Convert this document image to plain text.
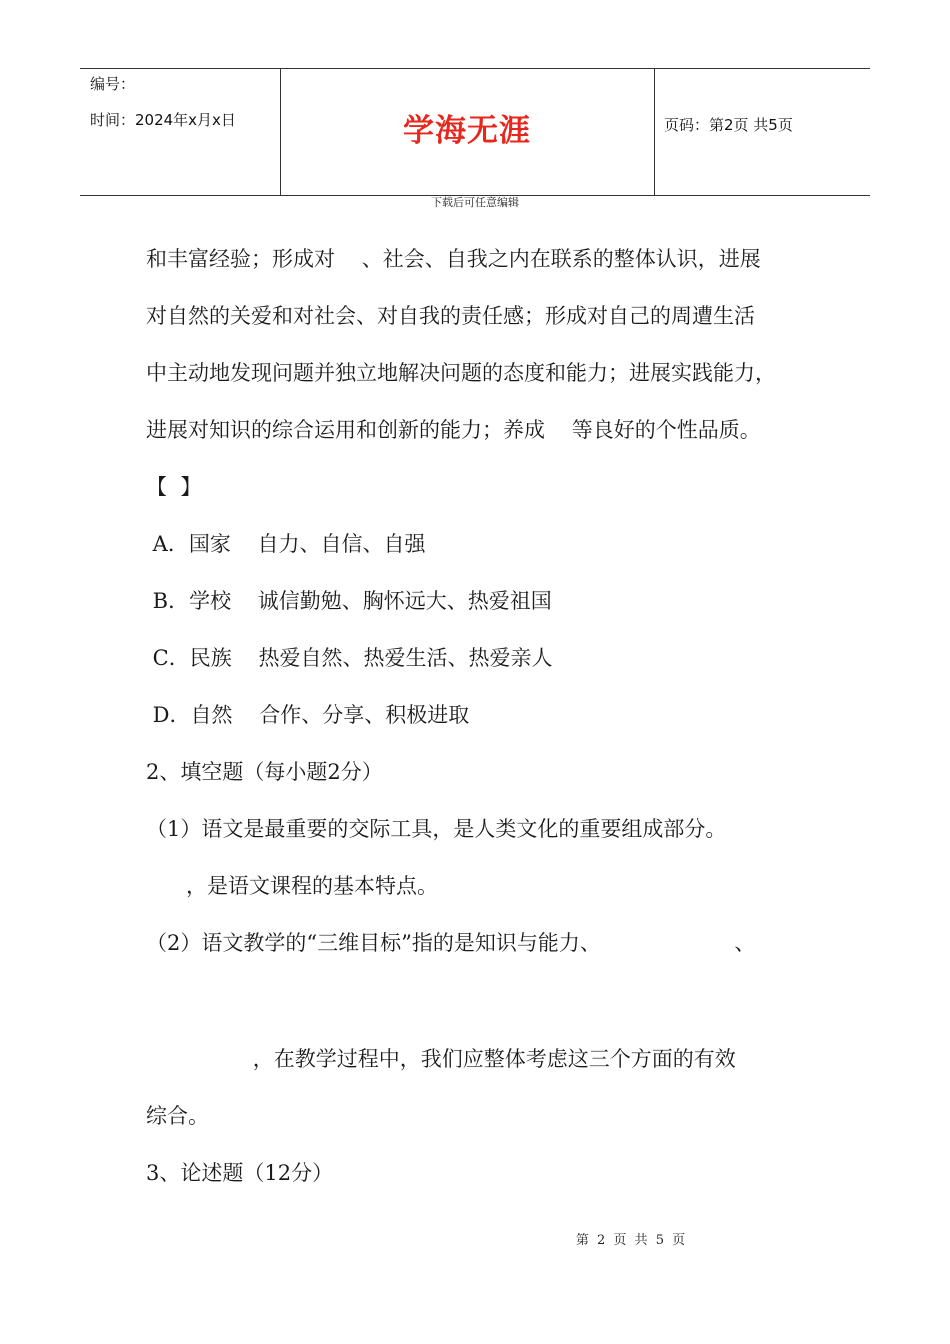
编号：
时间：2024年x月x日	学海无涯	页码：第2页 共5页
下载后可任意编辑
和丰富经验；形成对    、社会、自我之内在联系的整体认识，进展
对自然的关爱和对社会、对自我的责任感；形成对自己的周遭生活
中主动地发现问题并独立地解决问题的态度和能力；进展实践能力，
进展对知识的综合运用和创新的能力；养成    等良好的个性品质。
【  】
A．国家    自力、自信、自强
B．学校    诚信勤勉、胸怀远大、热爱祖国
C．民族    热爱自然、热爱生活、热爱亲人
D．自然    合作、分享、积极进取
2、填空题（每小题2分）
（1）语文是最重要的交际工具，是人类文化的重要组成部分。
，是语文课程的基本特点。
（2）语文教学的“三维目标”指的是知识与能力、                    、
，在教学过程中，我们应整体考虑这三个方面的有效
综合。
3、论述题（12分）
第 2 页 共 5 页
